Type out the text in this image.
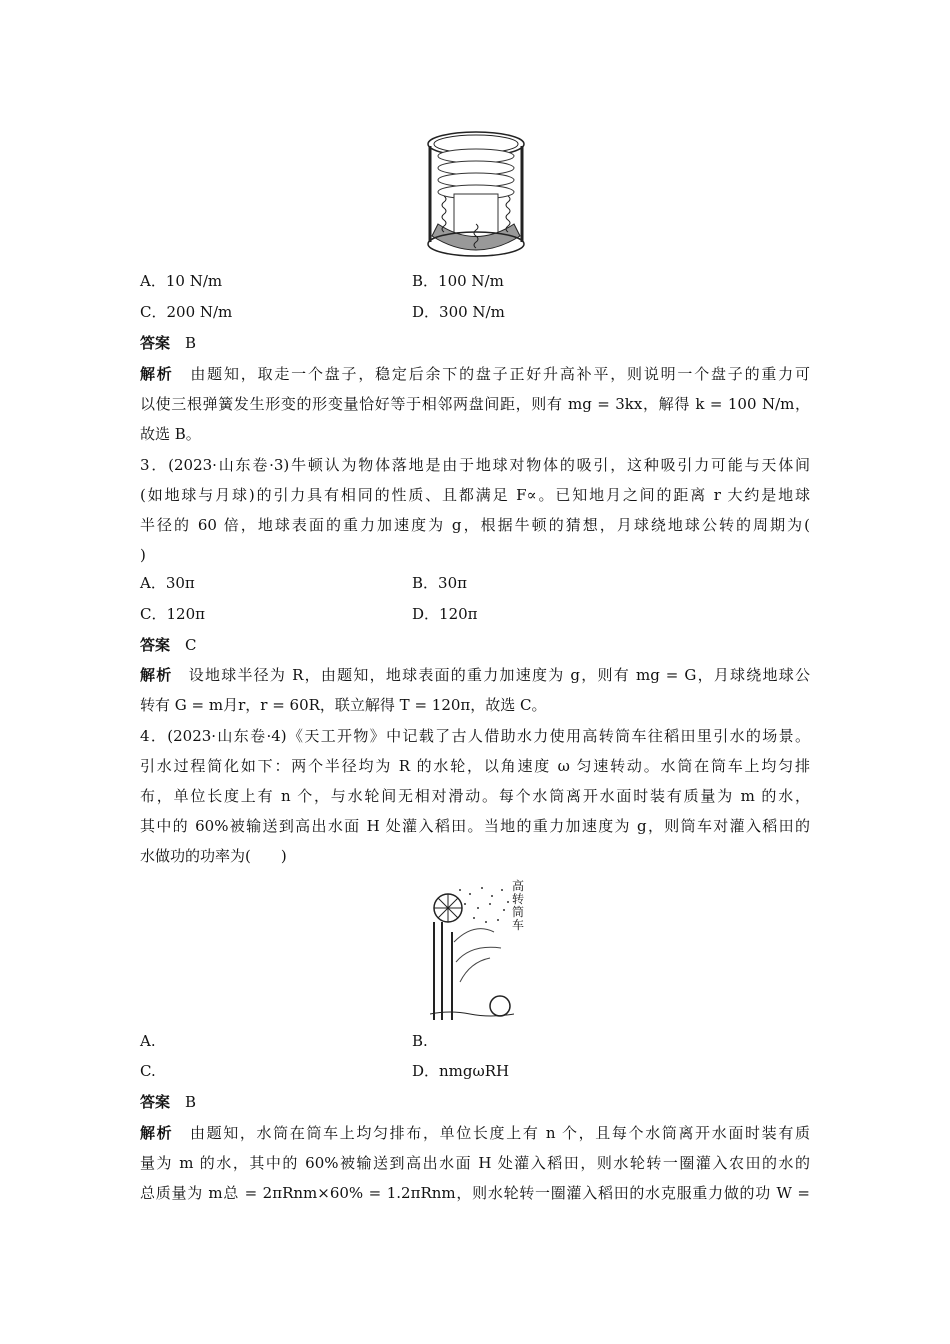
A．10 N/m	B．100 N/m
C．200 N/m	D．300 N/m
答案　 B
解析　 由题知，取走一个盘子，稳定后余下的盘子正好升高补平，则说明一个盘子的重力可
以使三根弹簧发生形变的形变量恰好等于相邻两盘间距，则有 mg = 3kx，解得 k = 100 N/m，
故选 B。
3．(2023·山东卷·3)牛顿认为物体落地是由于地球对物体的吸引，这种吸引力可能与天体间
(如地球与月球)的引力具有相同的性质、且都满足 F∝。已知地月之间的距离 r 大约是地球
半径的 60 倍，地球表面的重力加速度为 g，根据牛顿的猜想，月球绕地球公转的周期为(
)
A．30π	B．30π
C．120π	D．120π
答案　 C
解析　 设地球半径为 R，由题知，地球表面的重力加速度为 g，则有 mg = G，月球绕地球公
转有 G = m月r，r = 60R，联立解得 T = 120π，故选 C。
4．(2023·山东卷·4)《天工开物》中记载了古人借助水力使用高转筒车往稻田里引水的场景。
引水过程简化如下：两个半径均为 R 的水轮，以角速度 ω 匀速转动。水筒在筒车上均匀排
布，单位长度上有 n 个，与水轮间无相对滑动。每个水筒离开水面时装有质量为 m 的水，
其中的 60%被输送到高出水面 H 处灌入稻田。当地的重力加速度为 g，则筒车对灌入稻田的
水做功的功率为(　　)
高转筒车
A.	B.
C.	D．nmgωRH
答案　 B
解析　 由题知，水筒在筒车上均匀排布，单位长度上有 n 个，且每个水筒离开水面时装有质
量为 m 的水，其中的 60%被输送到高出水面 H 处灌入稻田，则水轮转一圈灌入农田的水的
总质量为 m总 = 2πRnm×60% = 1.2πRnm，则水轮转一圈灌入稻田的水克服重力做的功 W =
